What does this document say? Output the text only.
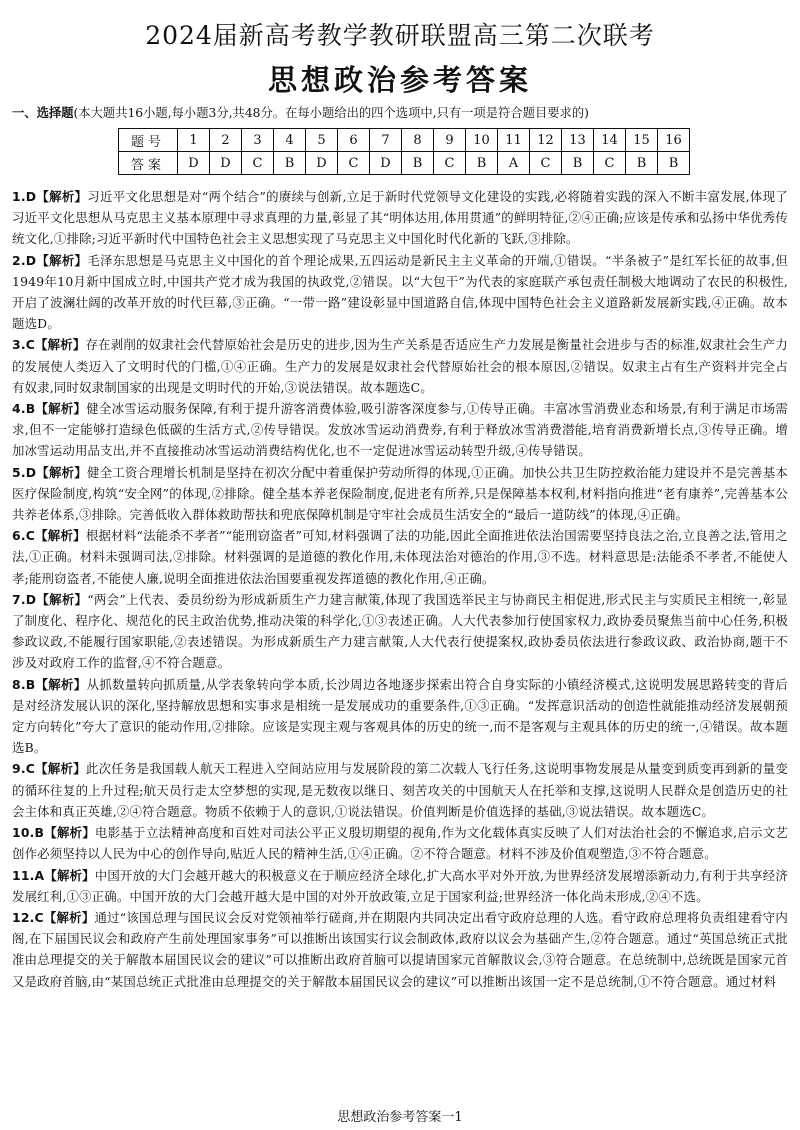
2024届新高考教学教研联盟高三第二次联考
思想政治参考答案
一、选择题(本大题共16小题,每小题3分,共48分。在每小题给出的四个选项中,只有一项是符合题目要求的)
题号	1	2	3	4	5	6	7	8	9	10	11	12	13	14	15	16
答案	D	D	C	B	D	C	D	B	C	B	A	C	B	C	B	B

1.D【解析】习近平文化思想是对“两个结合”的赓续与创新,立足于新时代党领导文化建设的实践,必将随着实践的深入不断丰富发展,体现了习近平文化思想从马克思主义基本原理中寻求真理的力量,彰显了其“明体达用,体用贯通”的鲜明特征,②④正确;应该是传承和弘扬中华优秀传统文化,①排除;习近平新时代中国特色社会主义思想实现了马克思主义中国化时代化新的飞跃,③排除。

2.D【解析】毛泽东思想是马克思主义中国化的首个理论成果,五四运动是新民主主义革命的开端,①错误。“半条被子”是红军长征的故事,但1949年10月新中国成立时,中国共产党才成为我国的执政党,②错误。以“大包干”为代表的家庭联产承包责任制极大地调动了农民的积极性,开启了波澜壮阔的改革开放的时代巨幕,③正确。“一带一路”建设彰显中国道路自信,体现中国特色社会主义道路新发展新实践,④正确。故本题选D。

3.C【解析】存在剥削的奴隶社会代替原始社会是历史的进步,因为生产关系是否适应生产力发展是衡量社会进步与否的标准,奴隶社会生产力的发展使人类迈入了文明时代的门槛,①④正确。生产力的发展是奴隶社会代替原始社会的根本原因,②错误。奴隶主占有生产资料并完全占有奴隶,同时奴隶制国家的出现是文明时代的开始,③说法错误。故本题选C。

4.B【解析】健全冰雪运动服务保障,有利于提升游客消费体验,吸引游客深度参与,①传导正确。丰富冰雪消费业态和场景,有利于满足市场需求,但不一定能够打造绿色低碳的生活方式,②传导错误。发放冰雪运动消费券,有利于释放冰雪消费潜能,培育消费新增长点,③传导正确。增加冰雪运动用品支出,并不直接推动冰雪运动消费结构优化,也不一定促进冰雪运动转型升级,④传导错误。

5.D【解析】健全工资合理增长机制是坚持在初次分配中着重保护劳动所得的体现,①正确。加快公共卫生防控救治能力建设并不是完善基本医疗保险制度,构筑“安全网”的体现,②排除。健全基本养老保险制度,促进老有所养,只是保障基本权利,材料指向推进“老有康养”,完善基本公共养老体系,③排除。完善低收入群体救助帮扶和兜底保障机制是守牢社会成员生活安全的“最后一道防线”的体现,④正确。

6.C【解析】根据材料“法能杀不孝者”“能刑窃盗者”可知,材料强调了法的功能,因此全面推进依法治国需要坚持良法之治,立良善之法,管用之法,①正确。材料未强调司法,②排除。材料强调的是道德的教化作用,未体现法治对德治的作用,③不选。材料意思是:法能杀不孝者,不能使人孝;能刑窃盗者,不能使人廉,说明全面推进依法治国要重视发挥道德的教化作用,④正确。

7.D【解析】“两会”上代表、委员纷纷为形成新质生产力建言献策,体现了我国选举民主与协商民主相促进,形式民主与实质民主相统一,彰显了制度化、程序化、规范化的民主政治优势,推动决策的科学化,①③表述正确。人大代表参加行使国家权力,政协委员聚焦当前中心任务,积极参政议政,不能履行国家职能,②表述错误。为形成新质生产力建言献策,人大代表行使提案权,政协委员依法进行参政议政、政治协商,题干不涉及对政府工作的监督,④不符合题意。

8.B【解析】从抓数量转向抓质量,从学表象转向学本质,长沙周边各地逐步探索出符合自身实际的小镇经济模式,这说明发展思路转变的背后是对经济发展认识的深化,坚持解放思想和实事求是相统一是发展成功的重要条件,①③正确。“发挥意识活动的创造性就能推动经济发展朝预定方向转化”夸大了意识的能动作用,②排除。应该是实现主观与客观具体的历史的统一,而不是客观与主观具体的历史的统一,④错误。故本题选B。

9.C【解析】此次任务是我国载人航天工程进入空间站应用与发展阶段的第二次载人飞行任务,这说明事物发展是从量变到质变再到新的量变的循环往复的上升过程;航天员行走太空梦想的实现,是无数夜以继日、刻苦攻关的中国航天人在托举和支撑,这说明人民群众是创造历史的社会主体和真正英雄,②④符合题意。物质不依赖于人的意识,①说法错误。价值判断是价值选择的基础,③说法错误。故本题选C。

10.B【解析】电影基于立法精神高度和百姓对司法公平正义殷切期望的视角,作为文化载体真实反映了人们对法治社会的不懈追求,启示文艺创作必须坚持以人民为中心的创作导向,贴近人民的精神生活,①④正确。②不符合题意。材料不涉及价值观塑造,③不符合题意。

11.A【解析】中国开放的大门会越开越大的积极意义在于顺应经济全球化,扩大高水平对外开放,为世界经济发展增添新动力,有利于共享经济发展红利,①③正确。中国开放的大门会越开越大是中国的对外开放政策,立足于国家利益;世界经济一体化尚未形成,②④不选。

12.C【解析】通过“该国总理与国民议会反对党领袖举行磋商,并在期限内共同决定出看守政府总理的人选。看守政府总理将负责组建看守内阁,在下届国民议会和政府产生前处理国家事务”可以推断出该国实行议会制政体,政府以议会为基础产生,②符合题意。通过“英国总统正式批准由总理提交的关于解散本届国民议会的建议”可以推断出政府首脑可以提请国家元首解散议会,③符合题意。在总统制中,总统既是国家元首又是政府首脑,由“某国总统正式批准由总理提交的关于解散本届国民议会的建议”可以推断出该国一定不是总统制,①不符合题意。通过材料

思想政治参考答案一1
